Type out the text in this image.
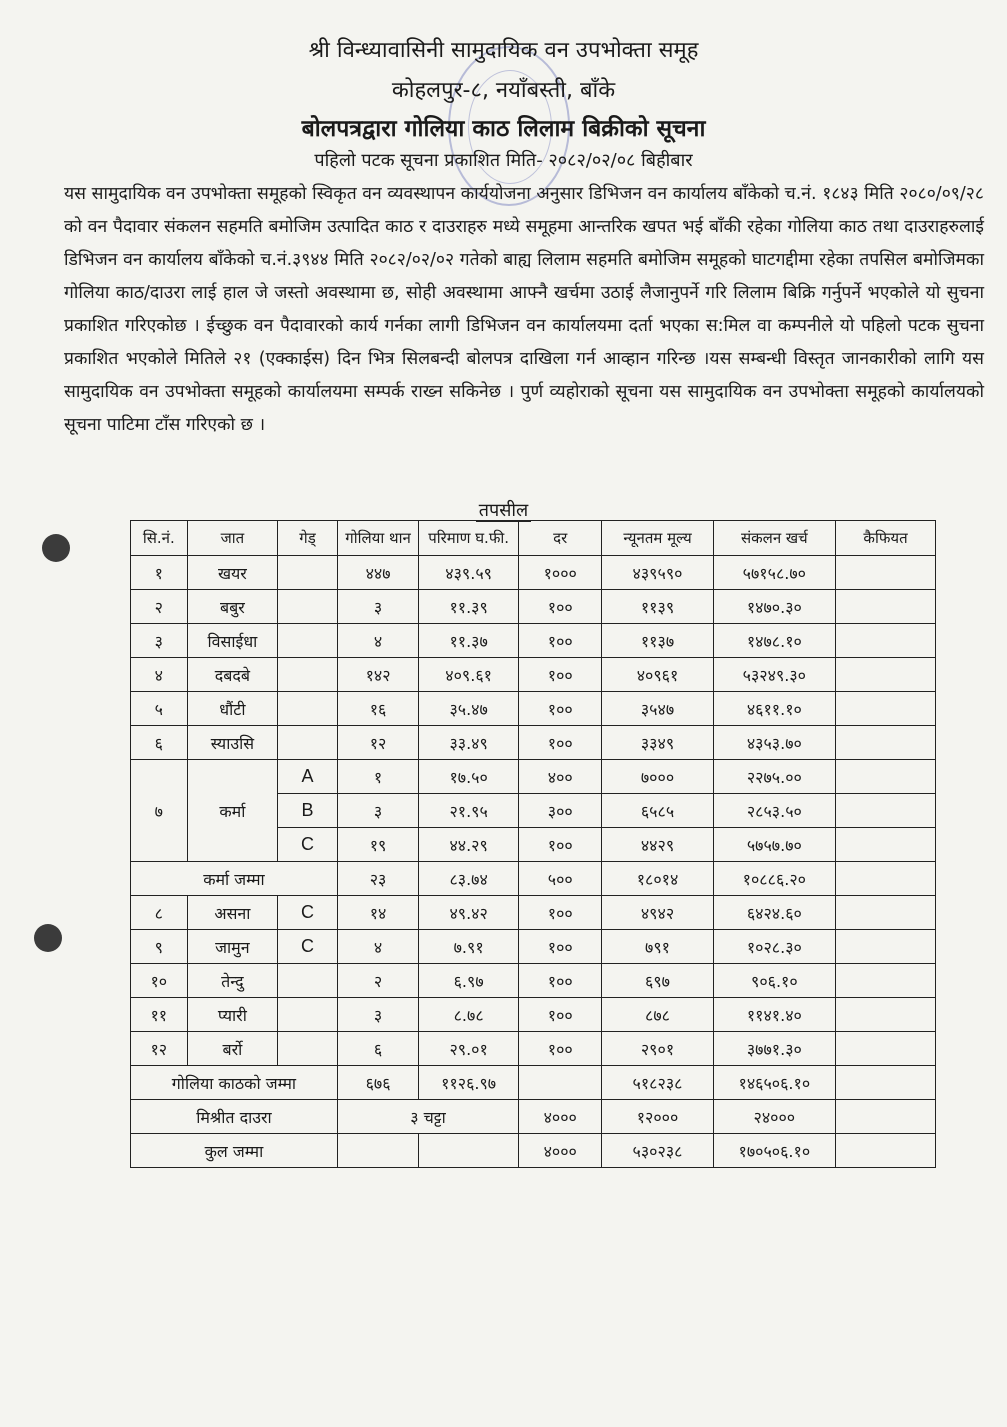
श्री विन्ध्यावासिनी सामुदायिक वन उपभोक्ता समूह
कोहलपुर-८, नयाँबस्ती, बाँके
बोलपत्रद्वारा गोलिया काठ लिलाम बिक्रीको सूचना
पहिलो पटक सूचना प्रकाशित मिति- २०८२/०२/०८ बिहीबार
यस सामुदायिक वन उपभोक्ता समूहको स्विकृत वन व्यवस्थापन कार्ययोजना अनुसार डिभिजन वन कार्यालय बाँकेको च.नं. १८४३ मिति २०८०/०९/२८ को वन पैदावार संकलन सहमति बमोजिम उत्पादित काठ र दाउराहरु मध्ये समूहमा आन्तरिक खपत भई बाँकी रहेका गोलिया काठ तथा दाउराहरुलाई डिभिजन वन कार्यालय बाँकेको च.नं.३९४४ मिति २०८२/०२/०२ गतेको बाह्य लिलाम सहमति बमोजिम समूहको घाटगद्दीमा रहेका तपसिल बमोजिमका गोलिया काठ/दाउरा लाई हाल जे जस्तो अवस्थामा छ, सोही अवस्थामा आफ्नै खर्चमा उठाई लैजानुपर्ने गरि लिलाम बिक्रि गर्नुपर्ने भएकोले यो सुचना प्रकाशित गरिएकोछ । ईच्छुक वन पैदावारको कार्य गर्नका लागी डिभिजन वन कार्यालयमा दर्ता भएका स:मिल वा कम्पनीले यो पहिलो पटक सुचना प्रकाशित भएकोले मितिले २१ (एक्काईस) दिन भित्र सिलबन्दी बोलपत्र दाखिला गर्न आव्हान गरिन्छ ।यस सम्बन्धी विस्तृत जानकारीको लागि यस सामुदायिक वन उपभोक्ता समूहको कार्यालयमा सम्पर्क राख्न सकिनेछ । पुर्ण व्यहोराको सूचना यस सामुदायिक वन उपभोक्ता समूहको कार्यालयको सूचना पाटिमा टाँस गरिएको छ ।
तपसील
सि.नं.	जात	गेड्	गोलिया थान	परिमाण घ.फी.	दर	न्यूनतम मूल्य	संकलन खर्च	कैफियत
१	खयर		४४७	४३९.५९	१०००	४३९५९०	५७१५८.७०	
२	बबुर		३	११.३९	१००	११३९	१४७०.३०	
३	विसाईधा		४	११.३७	१००	११३७	१४७८.१०	
४	दबदबे		१४२	४०९.६१	१००	४०९६१	५३२४९.३०	
५	धौंटी		१६	३५.४७	१००	३५४७	४६११.१०	
६	स्याउसि		१२	३३.४९	१००	३३४९	४३५३.७०	
७	कर्मा	A	१	१७.५०	४००	७०००	२२७५.००	
		B	३	२१.९५	३००	६५८५	२८५३.५०	
		C	१९	४४.२९	१००	४४२९	५७५७.७०	
कर्मा जम्मा			२३	८३.७४	५००	१८०१४	१०८८६.२०	
८	असना	C	१४	४९.४२	१००	४९४२	६४२४.६०	
९	जामुन	C	४	७.९१	१००	७९१	१०२८.३०	
१०	तेन्दु		२	६.९७	१००	६९७	९०६.१०	
११	प्यारी		३	८.७८	१००	८७८	११४१.४०	
१२	बर्रो		६	२९.०१	१००	२९०१	३७७१.३०	
गोलिया काठको जम्मा			६७६	११२६.९७		५१८२३८	१४६५०६.१०	
मिश्रीत दाउरा			३ चट्टा		४०००	१२०००	२४०००	
कुल जम्मा					४०००	५३०२३८	१७०५०६.१०	
